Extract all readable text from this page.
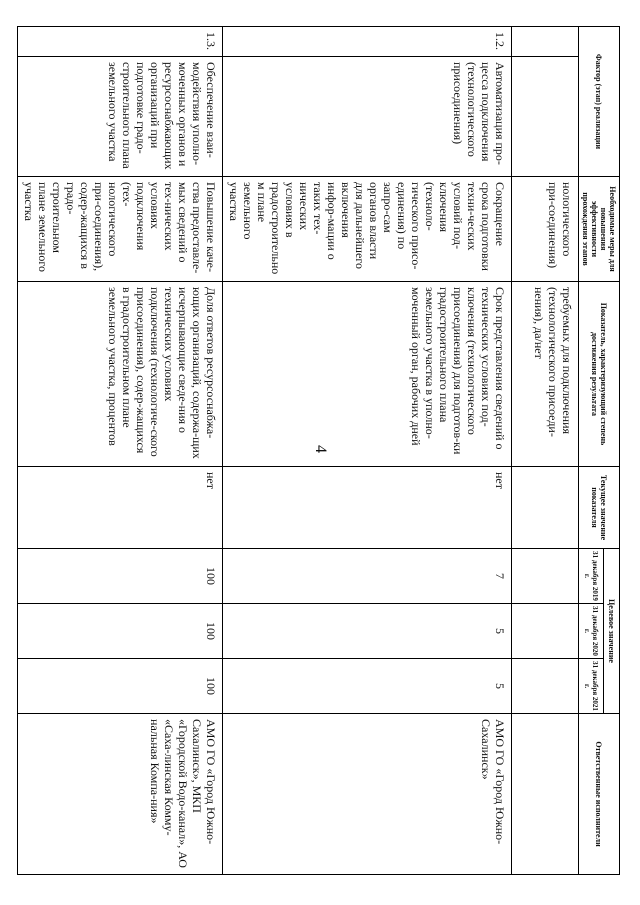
4
Фактор (этап) реализации		Необходимые меры для повышения эффективности прохождения этапов	Показатель, характеризующий степень достижения результата	Текущее значение показателя	Целевое значение			Ответственные исполнители
					31 декабря 2019 г.	31 декабря 2020 г.	31 декабря 2021 г.	
		нологического при-соединения)	требуемых для подключения (технологического присоеди-нения), да/нет					
1.2.	Автоматизация про-цесса подключения (технологического присоединения)	Сокращение срока подготовки техни-ческих условий под-ключения (техноло-гического присо-единения) по запро-сам органов власти для дальнейшего включения инфор-мации о таких тех-нических условиях в градостроительном плане земельного участка	Срок представления сведений о технических условиях под-ключения (технологического присоединения) для подготов-ки градостроительного плана земельного участка в уполно-моченный орган, рабочих дней	нет	7	5	5	АМО ГО «Город Южно-Сахалинск»
1.3.	Обеспечение взаи-модействия уполно-моченных органов и ресурсоснабжающих организаций при подготовке градо-строительного плана земельного участка	Повышение каче-ства предоставле-мых сведений о тех-нических условиях подключения (тех-нологического при-соединения), содер-жащихся в градо-строительном плане земельного участка	Доля ответов ресурсоснабжа-ющих организаций, содержа-щих исчерпывающие сведе-ния о технических условиях подключения (технологиче-ского присоединения), содер-жащихся в градостроительном плане земельного участка, процентов	нет	100	100	100	АМО ГО «Город Южно-Сахалинск», МКП «Городской Водо-канал», АО «Саха-линская Комму-нальная Компа-ния»
